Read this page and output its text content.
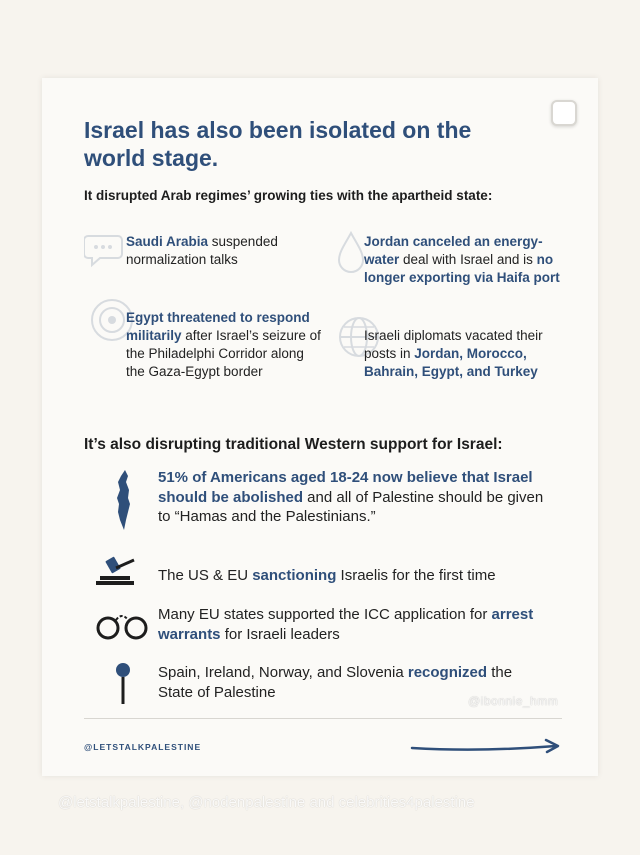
Israel has also been isolated on the world stage.
It disrupted Arab regimes’ growing ties with the apartheid state:
Saudi Arabia suspended normalization talks
Jordan canceled an energy-water deal with Israel and is no longer exporting via Haifa port
Egypt threatened to respond militarily after Israel’s seizure of the Philadelphi Corridor along the Gaza-Egypt border
Israeli diplomats vacated their posts in Jordan, Morocco, Bahrain, Egypt, and Turkey
It’s also disrupting traditional Western support for Israel:
51% of Americans aged 18-24 now believe that Israel should be abolished and all of Palestine should be given to “Hamas and the Palestinians.”
The US & EU sanctioning Israelis for the first time
Many EU states supported the ICC application for arrest warrants for Israeli leaders
Spain, Ireland, Norway, and Slovenia recognized the State of Palestine
@LETSTALKPALESTINE
@ibonnie_hmm
@letstalkpalestine, @nodenpalestine and celebrities4palestine
